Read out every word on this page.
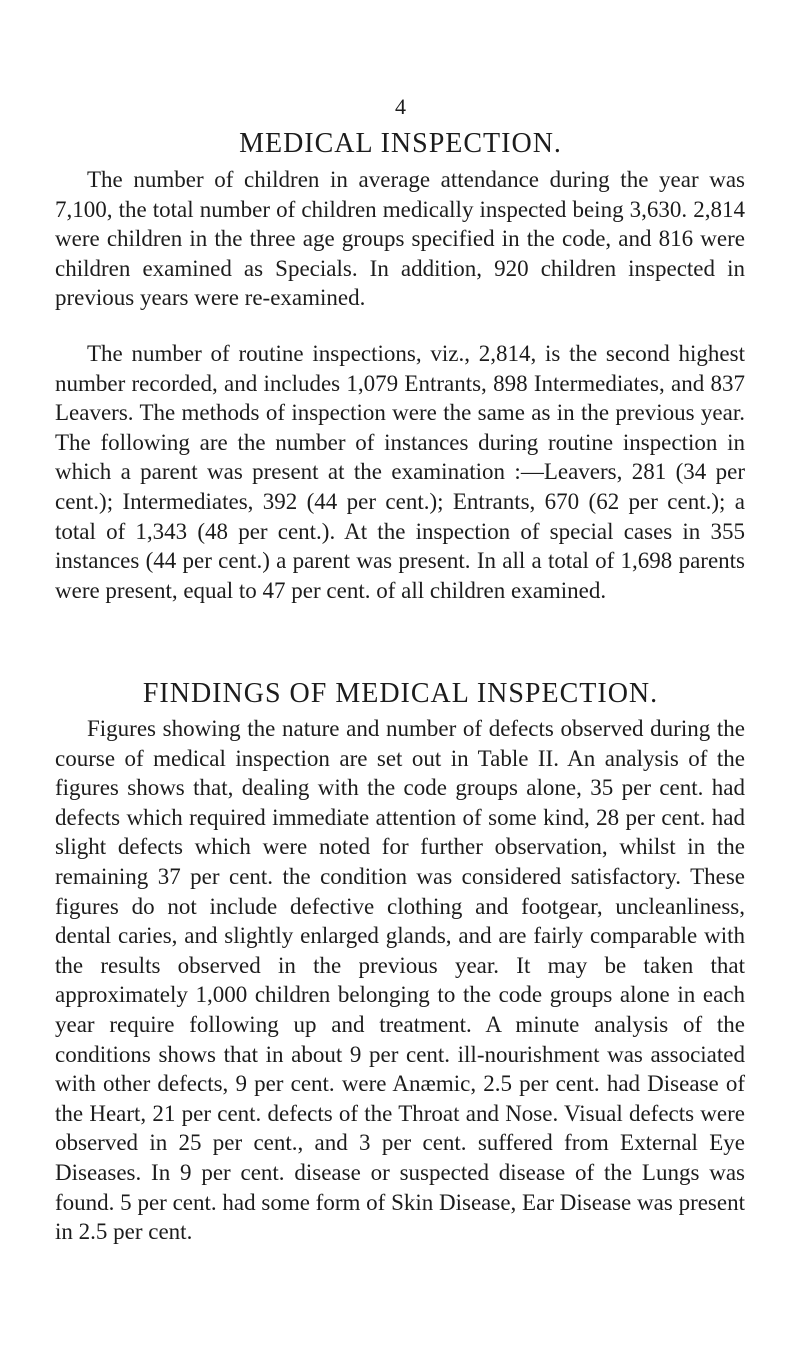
4
MEDICAL INSPECTION.

The number of children in average attendance during the year was 7,100, the total number of children medically inspected being 3,630. 2,814 were children in the three age groups specified in the code, and 816 were children examined as Specials. In addition, 920 children inspected in previous years were re-examined.

The number of routine inspections, viz., 2,814, is the second highest number recorded, and includes 1,079 Entrants, 898 Intermediates, and 837 Leavers. The methods of inspection were the same as in the previous year. The following are the number of instances during routine inspection in which a parent was present at the examination :—Leavers, 281 (34 per cent.); Intermediates, 392 (44 per cent.); Entrants, 670 (62 per cent.); a total of 1,343 (48 per cent.). At the inspection of special cases in 355 instances (44 per cent.) a parent was present. In all a total of 1,698 parents were present, equal to 47 per cent. of all children examined.

FINDINGS OF MEDICAL INSPECTION.

Figures showing the nature and number of defects observed during the course of medical inspection are set out in Table II. An analysis of the figures shows that, dealing with the code groups alone, 35 per cent. had defects which required immediate attention of some kind, 28 per cent. had slight defects which were noted for further observation, whilst in the remaining 37 per cent. the condition was considered satisfactory. These figures do not include defective clothing and footgear, uncleanliness, dental caries, and slightly enlarged glands, and are fairly comparable with the results observed in the previous year. It may be taken that approximately 1,000 children belonging to the code groups alone in each year require following up and treatment. A minute analysis of the conditions shows that in about 9 per cent. ill-nourishment was associated with other defects, 9 per cent. were Anæmic, 2.5 per cent. had Disease of the Heart, 21 per cent. defects of the Throat and Nose. Visual defects were observed in 25 per cent., and 3 per cent. suffered from External Eye Diseases. In 9 per cent. disease or suspected disease of the Lungs was found. 5 per cent. had some form of Skin Disease, Ear Disease was present in 2.5 per cent.
